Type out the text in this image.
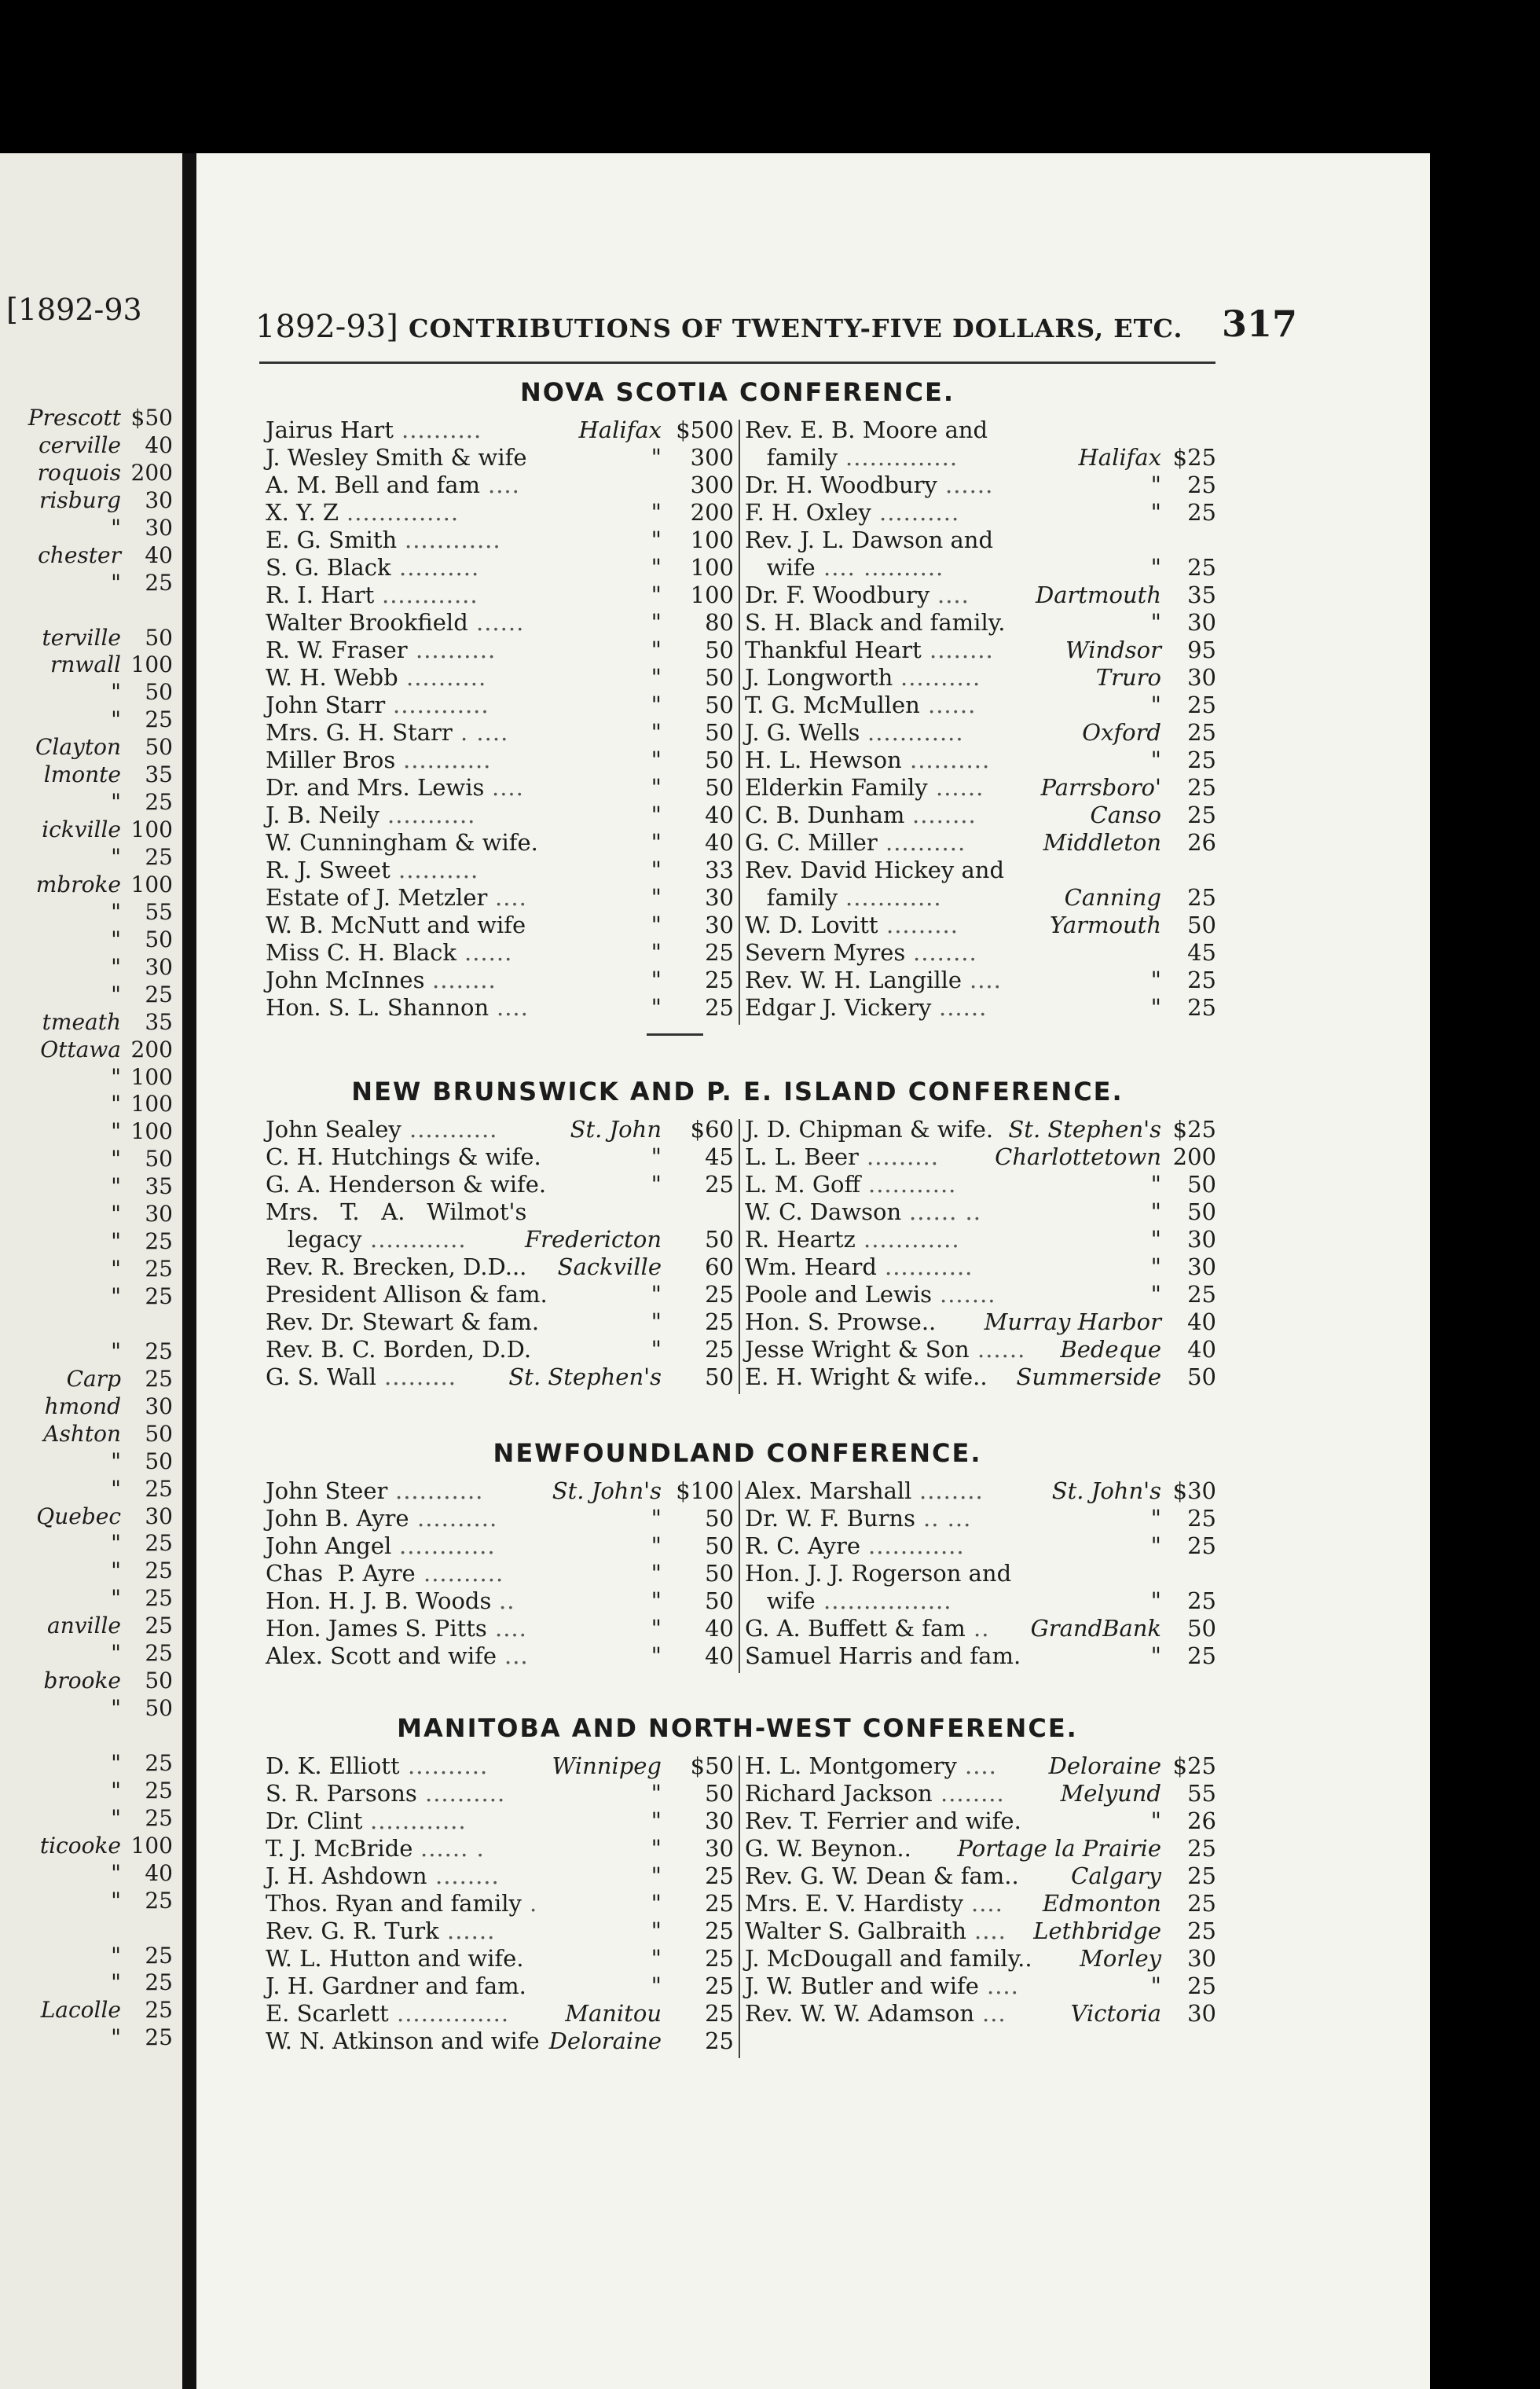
[1892-93
Prescott $50
cerville 40
roquois 200
risburg 30
" 30
chester 40
" 25
terville 50
rnwall 100
" 50
" 25
Clayton 50
lmonte 35
" 25
ickville 100
" 25
mbroke 100
" 55
" 50
" 30
" 25
tmeath 35
Ottawa 200
" 100
" 100
" 100
" 50
" 35
" 30
" 25
" 25
" 25
" 25
Carp 25
hmond 30
Ashton 50
" 50
" 25
Quebec 30
" 25
" 25
" 25
anville 25
" 25
brooke 50
" 50
" 25
" 25
" 25
ticooke 100
" 40
" 25
" 25
" 25
Lacolle 25
" 25
1892-93] CONTRIBUTIONS OF TWENTY-FIVE DOLLARS, ETC. 317
NOVA SCOTIA CONFERENCE.
Jairus Hart ..........	Halifax $500
J. Wesley Smith & wife	" 300
A. M. Bell and fam ....	300
X. Y. Z ..............	" 200
E. G. Smith ............	" 100
S. G. Black ..........	" 100
R. I. Hart ............	" 100
Walter Brookfield ......	" 80
R. W. Fraser ..........	" 50
W. H. Webb ..........	" 50
John Starr ............	" 50
Mrs. G. H. Starr . ....	" 50
Miller Bros ...........	" 50
Dr. and Mrs. Lewis ....	" 50
J. B. Neily ...........	" 40
W. Cunningham & wife.	" 40
R. J. Sweet ..........	" 33
Estate of J. Metzler ....	" 30
W. B. McNutt and wife	" 30
Miss C. H. Black ......	" 25
John McInnes ........	" 25
Hon. S. L. Shannon ....	" 25
Rev. E. B. Moore and
family ..............	Halifax $25
Dr. H. Woodbury ......	" 25
F. H. Oxley ..........	" 25
Rev. J. L. Dawson and
wife .... ..........	" 25
Dr. F. Woodbury ....	Dartmouth 35
S. H. Black and family.	" 30
Thankful Heart ........	Windsor 95
J. Longworth ..........	Truro 30
T. G. McMullen ......	" 25
J. G. Wells ............	Oxford 25
H. L. Hewson ..........	" 25
Elderkin Family ...... Parrsboro' 25
C. B. Dunham ........	Canso 25
G. C. Miller ..........	Middleton 26
Rev. David Hickey and
family ............	Canning 25
W. D. Lovitt .........	Yarmouth 50
Severn Myres ........	45
Rev. W. H. Langille ....	" 25
Edgar J. Vickery ......	" 25
NEW BRUNSWICK AND P. E. ISLAND CONFERENCE.
John Sealey ...........	St. John $60
C. H. Hutchings & wife.	" 45
G. A. Henderson & wife.	" 25
Mrs.   T.   A.   Wilmot's
legacy ............	Fredericton 50
Rev. R. Brecken, D.D... Sackville 60
President Allison & fam.	" 25
Rev. Dr. Stewart & fam.	" 25
Rev. B. C. Borden, D.D.	" 25
G. S. Wall ......... St. Stephen's 50
J. D. Chipman & wife. St. Stephen's $25
L. L. Beer ......... Charlottetown 200
L. M. Goff ...........	" 50
W. C. Dawson ...... ..	" 50
R. Heartz ............	" 30
Wm. Heard ...........	" 30
Poole and Lewis .......	" 25
Hon. S. Prowse.. Murray Harbor 40
Jesse Wright & Son ...... Bedeque 40
E. H. Wright & wife.. Summerside 50
NEWFOUNDLAND CONFERENCE.
John Steer ...........	St. John's $100
John B. Ayre ..........	" 50
John Angel ............	" 50
Chas  P. Ayre ..........	" 50
Hon. H. J. B. Woods ..	" 50
Hon. James S. Pitts ....	" 40
Alex. Scott and wife ...	" 40
Alex. Marshall ........	St. John's $30
Dr. W. F. Burns .. ...	" 25
R. C. Ayre ............	" 25
Hon. J. J. Rogerson and
wife ................	" 25
G. A. Buffett & fam .. GrandBank 50
Samuel Harris and fam.	" 25
MANITOBA AND NORTH-WEST CONFERENCE.
D. K. Elliott ..........	Winnipeg $50
S. R. Parsons ..........	" 50
Dr. Clint ............	" 30
T. J. McBride ...... .	" 30
J. H. Ashdown ........	" 25
Thos. Ryan and family .	" 25
Rev. G. R. Turk ......	" 25
W. L. Hutton and wife.	" 25
J. H. Gardner and fam.	" 25
E. Scarlett .............. Manitou 25
W. N. Atkinson and wife Deloraine 25
H. L. Montgomery .... Deloraine $25
Richard Jackson ........ Melyund 55
Rev. T. Ferrier and wife.	" 26
G. W. Beynon.. Portage la Prairie 25
Rev. G. W. Dean & fam.. Calgary 25
Mrs. E. V. Hardisty .... Edmonton 25
Walter S. Galbraith .... Lethbridge 25
J. McDougall and family.. Morley 30
J. W. Butler and wife ....	" 25
Rev. W. W. Adamson ...	Victoria 30
